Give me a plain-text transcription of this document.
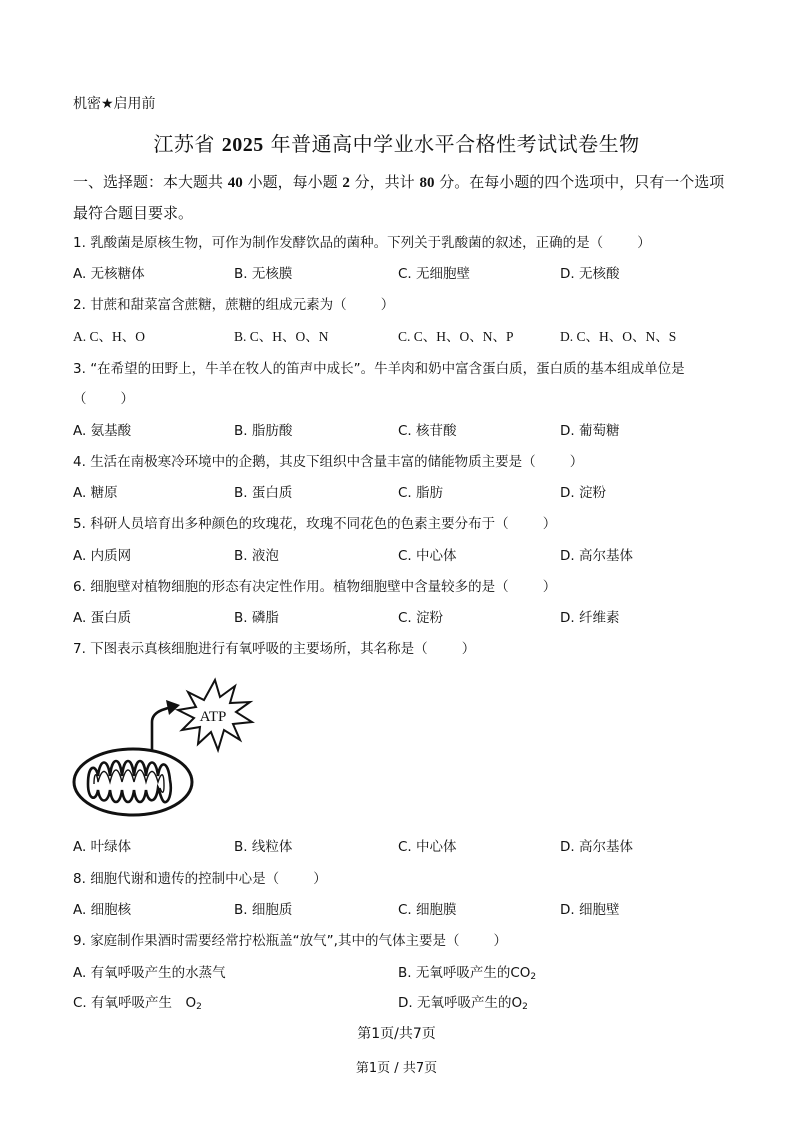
机密★启用前
江苏省 2025 年普通高中学业水平合格性考试试卷生物
一、选择题：本大题共 40 小题，每小题 2 分，共计 80 分。在每小题的四个选项中，只有一个选项最符合题目要求。
1. 乳酸菌是原核生物，可作为制作发酵饮品的菌种。下列关于乳酸菌的叙述，正确的是（	）
A. 无核糖体	B. 无核膜	C. 无细胞壁	D. 无核酸
2. 甘蔗和甜菜富含蔗糖，蔗糖的组成元素为（	）
A. C、H、O	B. C、H、O、N	C. C、H、O、N、P	D. C、H、O、N、S
3. “在希望的田野上，牛羊在牧人的笛声中成长”。牛羊肉和奶中富含蛋白质，蛋白质的基本组成单位是
（	）
A. 氨基酸	B. 脂肪酸	C. 核苷酸	D. 葡萄糖
4. 生活在南极寒冷环境中的企鹅，其皮下组织中含量丰富的储能物质主要是（	）
A. 糖原	B. 蛋白质	C. 脂肪	D. 淀粉
5. 科研人员培育出多种颜色的玫瑰花，玫瑰不同花色的色素主要分布于（	）
A. 内质网	B. 液泡	C. 中心体	D. 高尔基体
6. 细胞壁对植物细胞的形态有决定性作用。植物细胞壁中含量较多的是（	）
A. 蛋白质	B. 磷脂	C. 淀粉	D. 纤维素
7. 下图表示真核细胞进行有氧呼吸的主要场所，其名称是（	）
ATP
A. 叶绿体	B. 线粒体	C. 中心体	D. 高尔基体
8. 细胞代谢和遗传的控制中心是（	）
A. 细胞核	B. 细胞质	C. 细胞膜	D. 细胞壁
9. 家庭制作果酒时需要经常拧松瓶盖“放气”,其中的气体主要是（	）
A. 有氧呼吸产生的水蒸气	B. 无氧呼吸产生的$CO_2$
C. 有氧呼吸产生　$O_2$	D. 无氧呼吸产生的$O_2$
第1页/共7页
第1页 / 共7页
